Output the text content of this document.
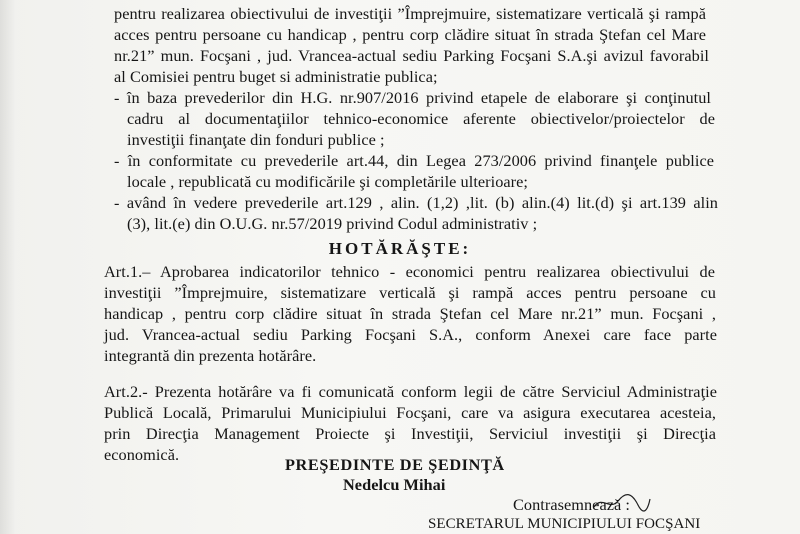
pentru realizarea obiectivului de investiţii ”Împrejmuire, sistematizare verticală şi rampă
acces pentru persoane cu handicap , pentru corp clădire situat în strada Ştefan cel Mare
nr.21” mun. Focşani , jud. Vrancea-actual sediu Parking Focşani S.A.şi avizul favorabil
al Comisiei pentru buget si administratie publica;
- în baza prevederilor din H.G. nr.907/2016 privind etapele de elaborare şi conţinutul
cadru al documentaţiilor tehnico-economice aferente obiectivelor/proiectelor de
investiţii finanţate din fonduri publice ;
- în conformitate cu prevederile art.44, din Legea 273/2006 privind finanţele publice
locale , republicată cu modificările şi completările ulterioare;
- având în vedere prevederile art.129 , alin. (1,2) ,lit. (b) alin.(4) lit.(d) şi art.139 alin
(3), lit.(e) din O.U.G. nr.57/2019 privind Codul administrativ ;
HOTĂRĂŞTE:
Art.1.– Aprobarea indicatorilor tehnico - economici pentru realizarea obiectivului de
investiţii ”Împrejmuire, sistematizare verticală şi rampă acces pentru persoane cu
handicap , pentru corp clădire situat în strada Ştefan cel Mare nr.21” mun. Focşani ,
jud. Vrancea-actual sediu Parking Focşani S.A., conform Anexei care face parte
integrantă din prezenta hotărâre.
Art.2.- Prezenta hotărâre va fi comunicată conform legii de către Serviciul Administraţie
Publică Locală, Primarului Municipiului Focşani, care va asigura executarea acesteia,
prin Direcţia Management Proiecte şi Investiţii, Serviciul investiţii şi Direcţia
economică.
PREŞEDINTE DE ŞEDINŢĂ
Nedelcu Mihai
Contrasemnează :
SECRETARUL MUNICIPIULUI FOCŞANI
